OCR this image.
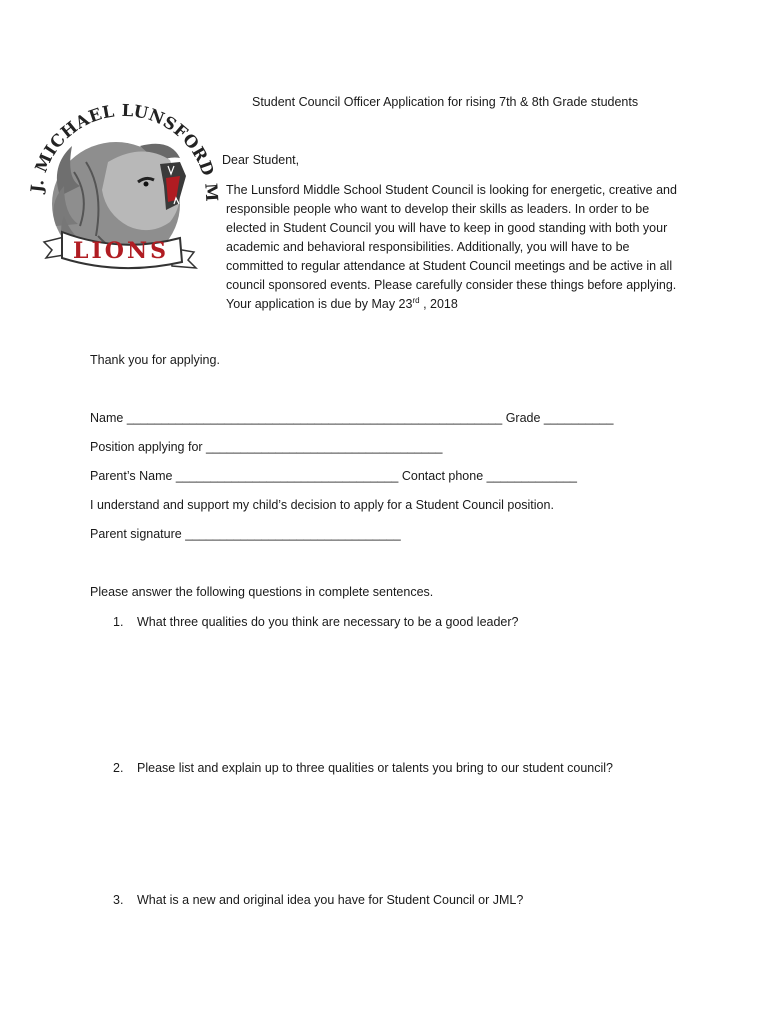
J. MICHAEL LUNSFORD M
LIONS
Student Council Officer Application for rising 7th & 8th Grade students
Dear Student,

The Lunsford Middle School Student Council is looking for energetic, creative and responsible people who want to develop their skills as leaders. In order to be elected in Student Council you will have to keep in good standing with both your academic and behavioral responsibilities. Additionally, you will have to be committed to regular attendance at Student Council meetings and be active in all council sponsored events. Please carefully consider these things before applying. Your application is due by May 23rd , 2018

Thank you for applying.
Name ______________________________________________________ Grade __________
Position applying for __________________________________
Parent’s Name ________________________________ Contact phone _____________
I understand and support my child’s decision to apply for a Student Council position.
Parent signature _______________________________
Please answer the following questions in complete sentences.
1. What three qualities do you think are necessary to be a good leader?
2. Please list and explain up to three qualities or talents you bring to our student council?
3. What is a new and original idea you have for Student Council or JML?
